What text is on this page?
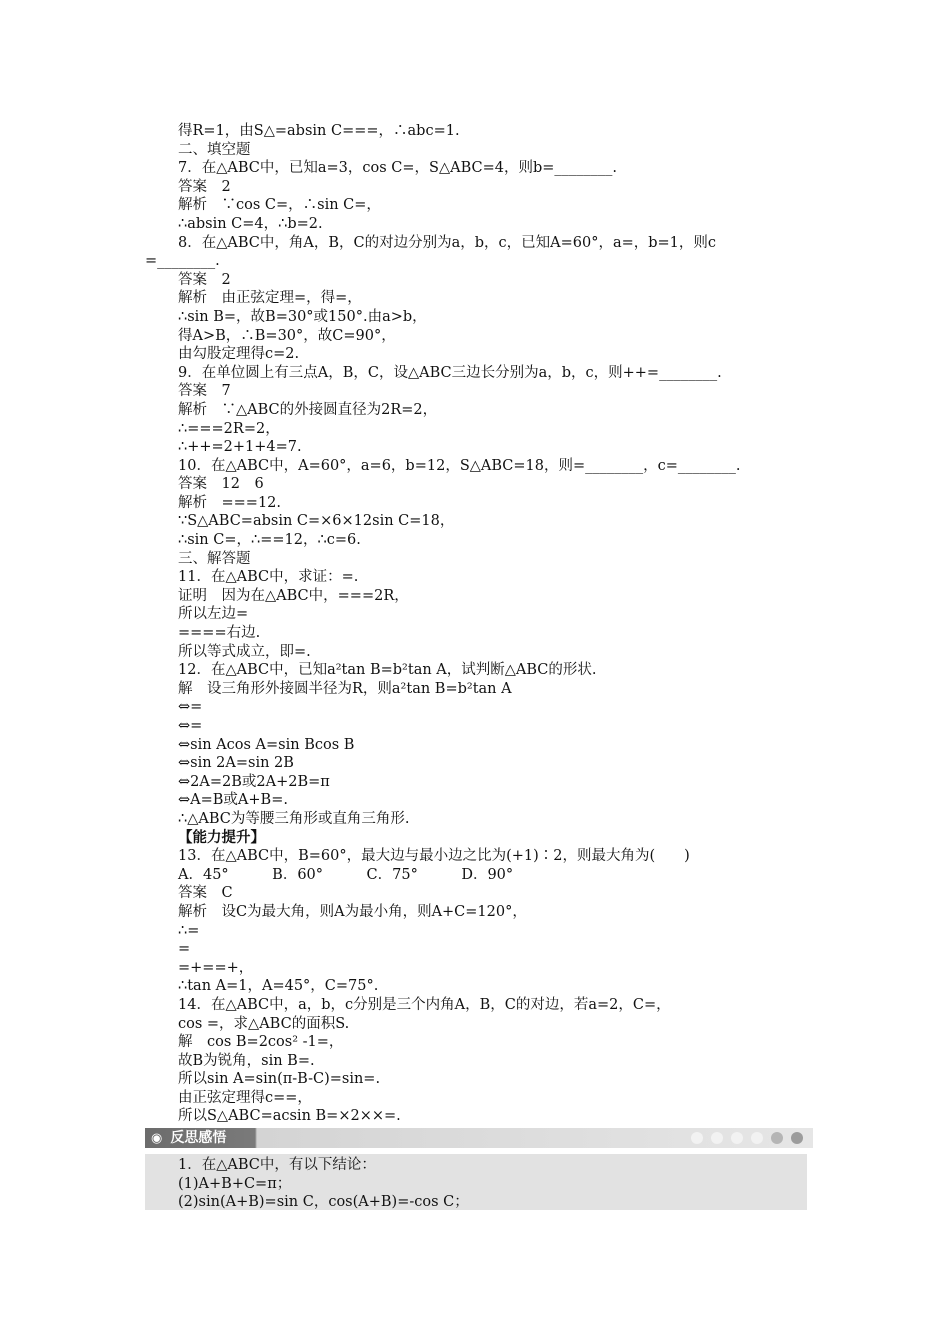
得R=1，由S△=absin C===，∴abc=1.
二、填空题
7．在△ABC中，已知a=3，cos C=，S△ABC=4，则b=________.
答案　2
解析　∵cos C=，∴sin C=，
∴absin C=4，∴b=2.
8．在△ABC中，角A，B，C的对边分别为a，b，c，已知A=60°，a=，b=1，则c
=________.
答案　2
解析　由正弦定理=，得=，
∴sin B=，故B=30°或150°.由a>b，
得A>B，∴B=30°，故C=90°，
由勾股定理得c=2.
9．在单位圆上有三点A，B，C，设△ABC三边长分别为a，b，c，则++=________.
答案　7
解析　∵△ABC的外接圆直径为2R=2，
∴===2R=2，
∴++=2+1+4=7.
10．在△ABC中，A=60°，a=6，b=12，S△ABC=18，则=________，c=________.
答案　12　6
解析　===12.
∵S△ABC=absin C=×6×12sin C=18，
∴sin C=，∴==12，∴c=6.
三、解答题
11．在△ABC中，求证：=.
证明　因为在△ABC中，===2R，
所以左边=
====右边.
所以等式成立，即=.
12．在△ABC中，已知a²tan B=b²tan A，试判断△ABC的形状.
解　设三角形外接圆半径为R，则a²tan B=b²tan A
⇔=
⇔=
⇔sin Acos A=sin Bcos B
⇔sin 2A=sin 2B
⇔2A=2B或2A+2B=π
⇔A=B或A+B=.
∴△ABC为等腰三角形或直角三角形.
【能力提升】
13．在△ABC中，B=60°，最大边与最小边之比为(+1)∶2，则最大角为(　　)
A．45°　　　B．60°　　　C．75°　　　D．90°
答案　C
解析　设C为最大角，则A为最小角，则A+C=120°，
∴=
=
=+==+，
∴tan A=1，A=45°，C=75°.
14．在△ABC中，a，b，c分别是三个内角A，B，C的对边，若a=2，C=，
cos =，求△ABC的面积S.
解　cos B=2cos² -1=，
故B为锐角，sin B=.
所以sin A=sin(π-B-C)=sin=.
由正弦定理得c==，
所以S△ABC=acsin B=×2××=.
◉ 反思感悟
1．在△ABC中，有以下结论：
(1)A+B+C=π；
(2)sin(A+B)=sin C，cos(A+B)=-cos C；
